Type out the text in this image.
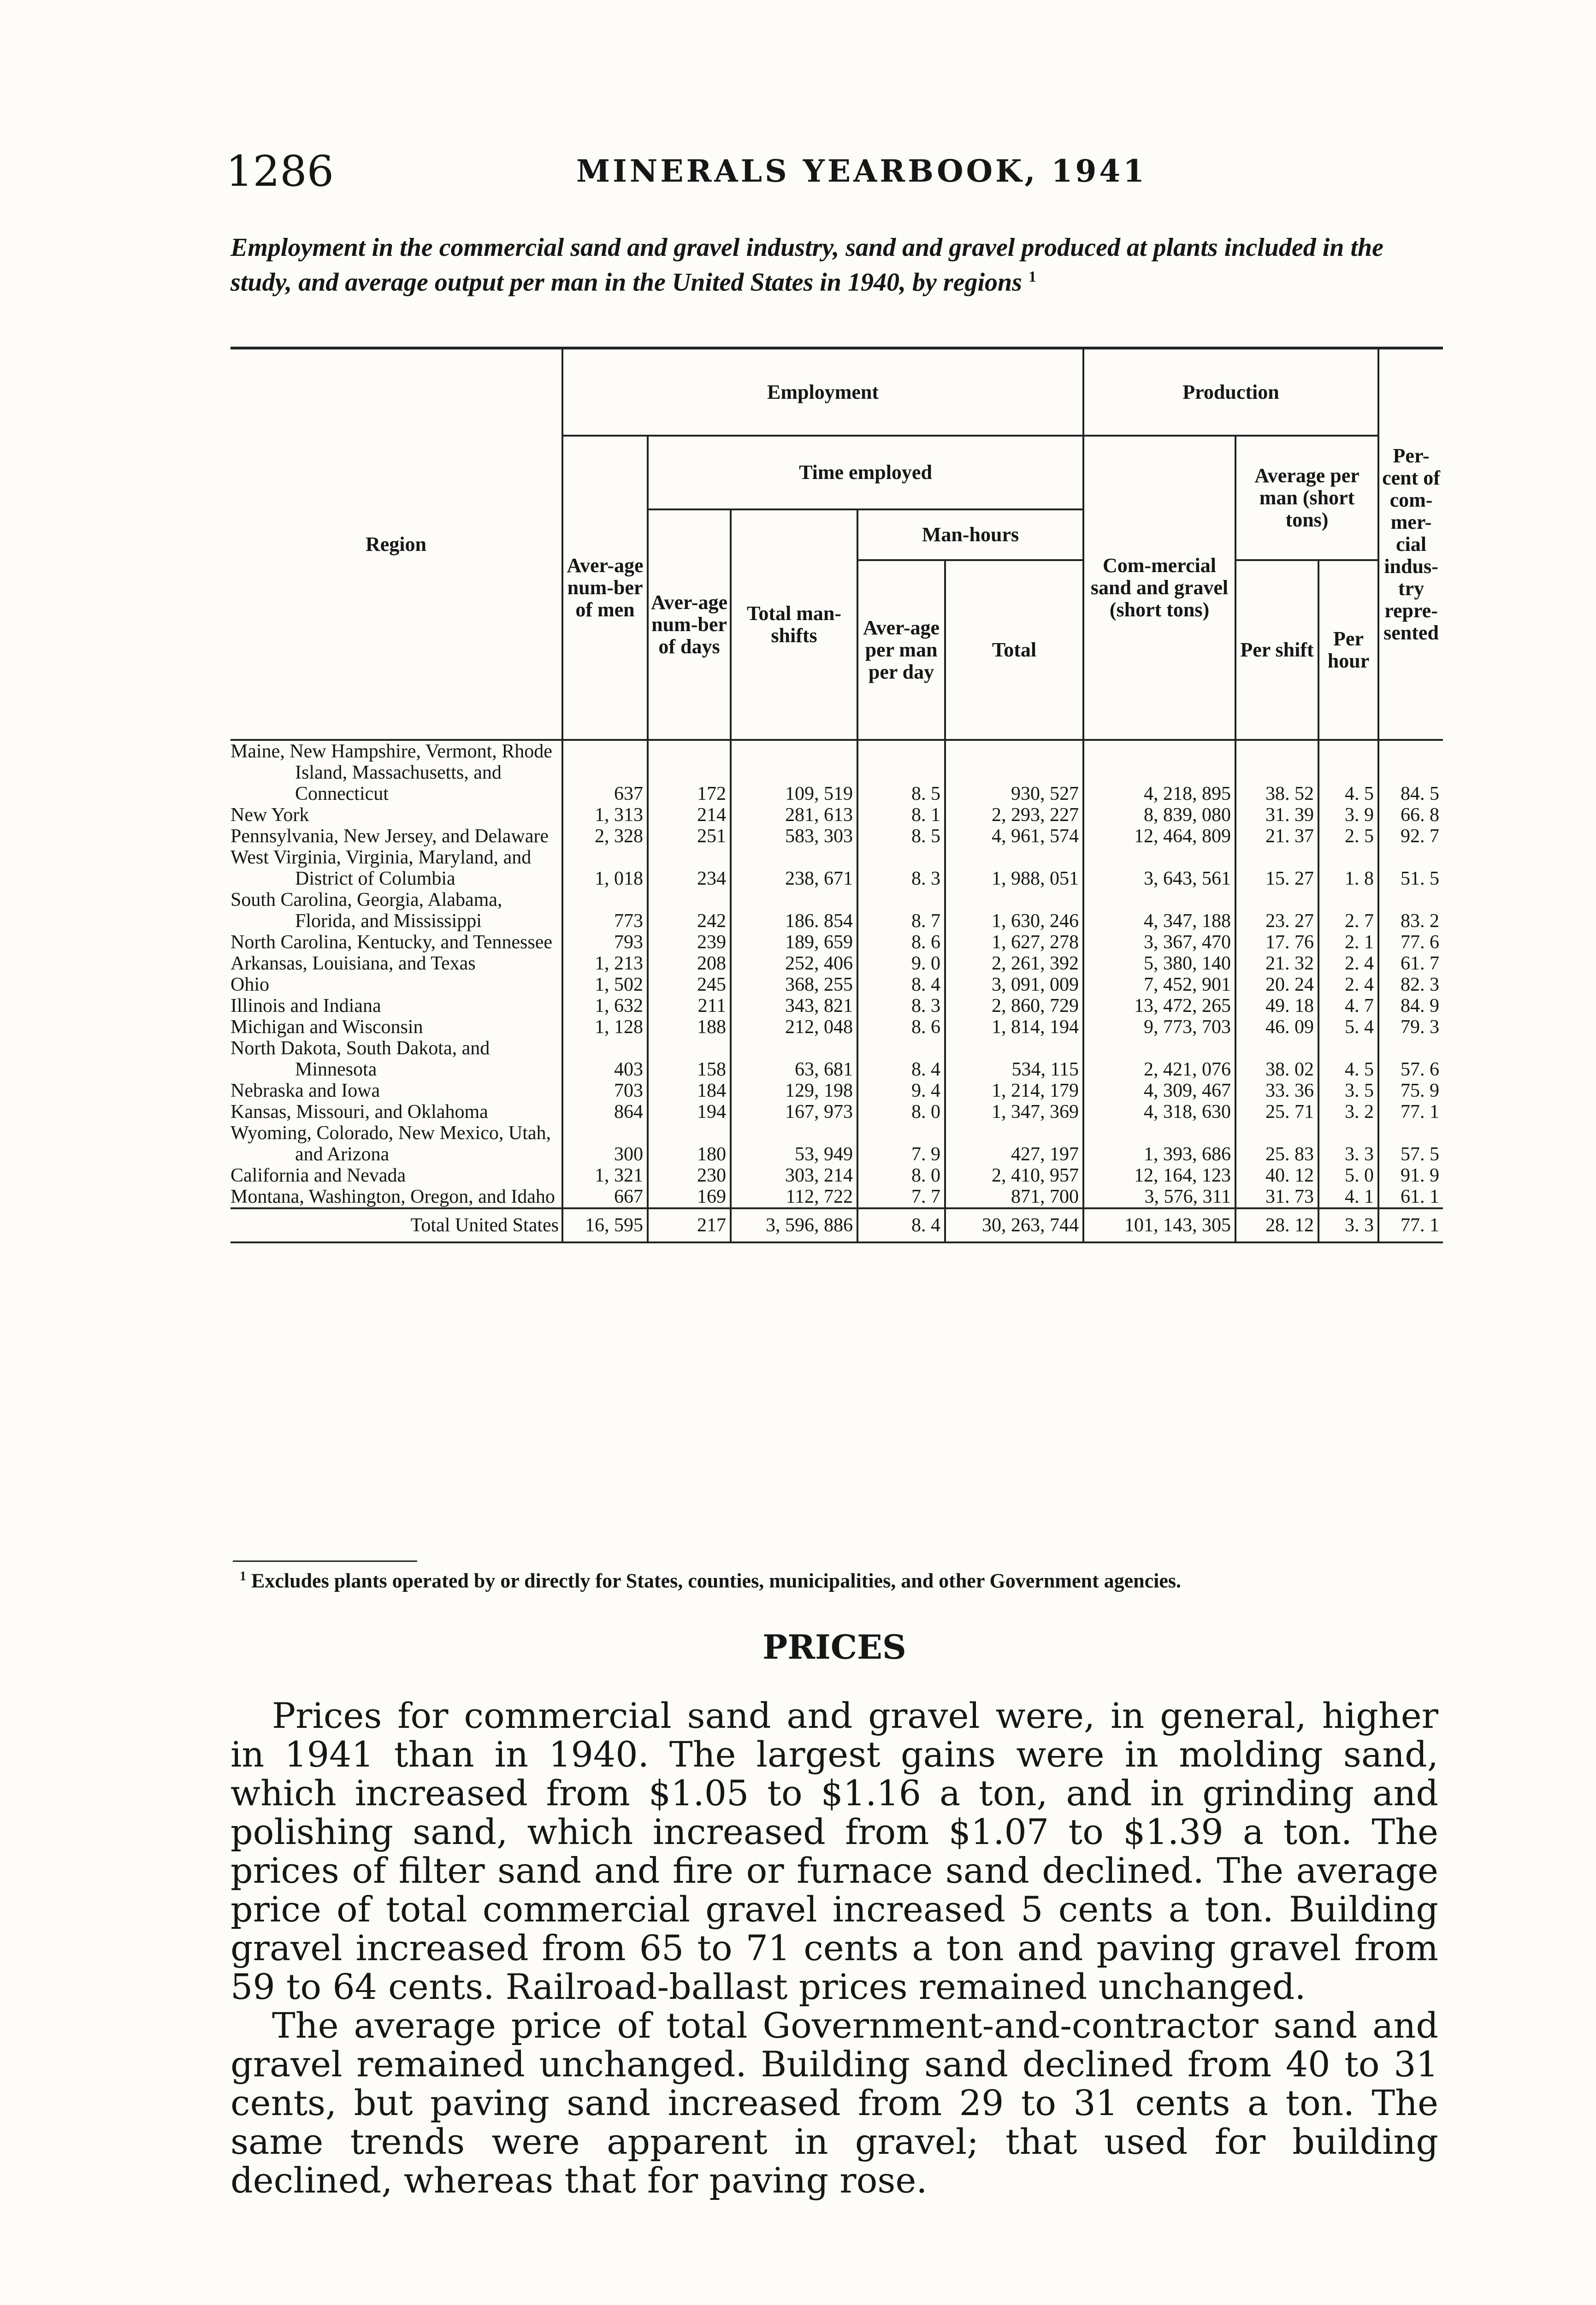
1286	MINERALS YEARBOOK, 1941
Employment in the commercial sand and gravel industry, sand and gravel produced at plants included in the study, and average output per man in the United States in 1940, by regions $^1$
Region	Employment					Production			Per-cent of com-mer-cial indus-try repre-sented
	Aver-age num-ber of men	Time employed				Com-mercial sand and gravel (short tons)	Average per man (short tons)		
		Aver-age num-ber of days	Total man-shifts	Man-hours					
				Aver-age per man per day	Total		Per shift	Per hour	
Maine, New Hampshire, Vermont, Rhode Island, Massachusetts, and Connecticut	637	172	109, 519	8. 5	930, 527	4, 218, 895	38. 52	4. 5	84. 5
New York	1, 313	214	281, 613	8. 1	2, 293, 227	8, 839, 080	31. 39	3. 9	66. 8
Pennsylvania, New Jersey, and Delaware	2, 328	251	583, 303	8. 5	4, 961, 574	12, 464, 809	21. 37	2. 5	92. 7
West Virginia, Virginia, Maryland, and District of Columbia	1, 018	234	238, 671	8. 3	1, 988, 051	3, 643, 561	15. 27	1. 8	51. 5
South Carolina, Georgia, Alabama, Florida, and Mississippi	773	242	186. 854	8. 7	1, 630, 246	4, 347, 188	23. 27	2. 7	83. 2
North Carolina, Kentucky, and Tennessee	793	239	189, 659	8. 6	1, 627, 278	3, 367, 470	17. 76	2. 1	77. 6
Arkansas, Louisiana, and Texas	1, 213	208	252, 406	9. 0	2, 261, 392	5, 380, 140	21. 32	2. 4	61. 7
Ohio	1, 502	245	368, 255	8. 4	3, 091, 009	7, 452, 901	20. 24	2. 4	82. 3
Illinois and Indiana	1, 632	211	343, 821	8. 3	2, 860, 729	13, 472, 265	49. 18	4. 7	84. 9
Michigan and Wisconsin	1, 128	188	212, 048	8. 6	1, 814, 194	9, 773, 703	46. 09	5. 4	79. 3
North Dakota, South Dakota, and Minnesota	403	158	63, 681	8. 4	534, 115	2, 421, 076	38. 02	4. 5	57. 6
Nebraska and Iowa	703	184	129, 198	9. 4	1, 214, 179	4, 309, 467	33. 36	3. 5	75. 9
Kansas, Missouri, and Oklahoma	864	194	167, 973	8. 0	1, 347, 369	4, 318, 630	25. 71	3. 2	77. 1
Wyoming, Colorado, New Mexico, Utah, and Arizona	300	180	53, 949	7. 9	427, 197	1, 393, 686	25. 83	3. 3	57. 5
California and Nevada	1, 321	230	303, 214	8. 0	2, 410, 957	12, 164, 123	40. 12	5. 0	91. 9
Montana, Washington, Oregon, and Idaho	667	169	112, 722	7. 7	871, 700	3, 576, 311	31. 73	4. 1	61. 1
Total United States	16, 595	217	3, 596, 886	8. 4	30, 263, 744	101, 143, 305	28. 12	3. 3	77. 1
$^1$ Excludes plants operated by or directly for States, counties, municipalities, and other Government agencies.
PRICES

Prices for commercial sand and gravel were, in general, higher in 1941 than in 1940. The largest gains were in molding sand, which increased from $1.05 to $1.16 a ton, and in grinding and polishing sand, which increased from $1.07 to $1.39 a ton. The prices of filter sand and fire or furnace sand declined. The average price of total commercial gravel increased 5 cents a ton. Building gravel increased from 65 to 71 cents a ton and paving gravel from 59 to 64 cents. Railroad-ballast prices remained unchanged.

The average price of total Government-and-contractor sand and gravel remained unchanged. Building sand declined from 40 to 31 cents, but paving sand increased from 29 to 31 cents a ton. The same trends were apparent in gravel; that used for building declined, whereas that for paving rose.
